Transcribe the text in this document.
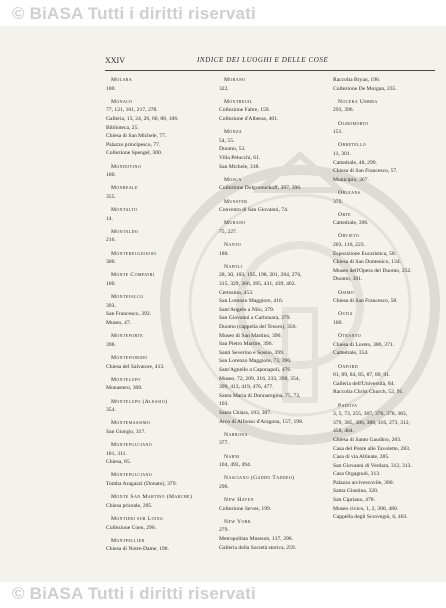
© BiASA Tutti i diritti riservati
XXIV	INDICE DEI LUOGHI E DELLE COSE
Molara
100.
Monaco
77, 121, 161, 217, 278.
Galleria, 13, 24, 26, 60, 88, 106.
Biblioteca, 25.
Chiesa di San Michele, 77.
Palazzo principesco, 77.
Collezione Spengel, 300.
Mondovino
100.
Monreale
355.
Montalto
14.
Montaldo
216.
Montebelgioioso
300.
Monte Compatri
100.
Montefalco
393.
San Francesco, 392.
Museo, 47.
Monteforte
398.
Montefiorido
Chiesa del Salvatore, 413.
Montelupo
Monastero, 300.
Montelupo (Alessio)
354.
Montemassimo
San Giorgio, 317.
Montepulciano
181, 311.
Chiesa, 85.
Montepulciano
Tomba Aragazzi (Donato), 379.
Monte San Martino (Marche)
Chiesa priorale, 295.
Montieri sur Loing
Collezione Coen, 296.
Montpellier
Chiesa di Notre-Dame, 198.
Morano
322.
Montreuil
Collezione Fabre, 159.
Collezione d'Alberas, 401.
Monza
54, 55.
Duomo, 53.
Villa Pelucchi, 61.
San Michele, 318.
Mosca
Collezione Dolgorouckoff, 397, 396.
Munster
Convento di San Giovanni, 74.
Murano
75, 227.
Nanto
180.
Napoli
28, 30, 103, 195, 198, 201, 204, 276,
315, 329, 366, 395, 431, 439, 462.
Certosino, 453.
San Lorenzo Maggiore, 416.
Sant'Angelo a Nilo, 379.
San Giovanni a Carbonara, 379.
Duomo (cappella del Tesoro), 356.
Museo di San Martino, 390.
San Pietro Martire, 396.
Santi Severino e Sossio, 399.
San Lorenzo Maggiore, 73, 390.
Sant'Agnello a Caponapoli, 476.
Museo, 72, 209, 216, 233, 390, 354,
399, 413, 419, 476, 477.
Santa Maria di Donnaregina, 75, 73,
103.
Santa Chiara, 103, 307.
Arco di Alfonso d'Aragona, 157, 198.
Narbona
377.
Narni
104, 493, 494.
Nasciano (Gaddo Taddeo)
296.
New Haven
Collezione Jarves, 199.
New York
279.
Metropolitan Museum, 137, 396.
Galleria della Società storica, 259.
Raccolta Bryan, 196.
Collezione De Morgan, 235.
Nocera Umbra
293, 396.
Olmomorto
151.
Orbetello
11, 301.
Cattedrale, 48, 299.
Chiesa di San Francesco, 57.
Municipio, 367.
Orleans
379.
Orte
Cattedrale, 396.
Orvieto
203, 116, 223.
Esposizione Eucaristica, 58.
Chiesa di San Domenico, 134.
Museo dell'Opera del Duomo, 252.
Duomo, 301.
Osimo
Chiesa di San Francesco, 58.
Ostia
100.
Otranto
Chiesa di Loreto, 386, 371.
Cattedrale, 354.
Oxford
81, 89, 84, 85, 87, 89, 91.
Galleria dell'Università, 84.
Raccolta Christ Church, 52, 91.
Padova
3, 5, 73, 255, 307, 376, 378, 383,
379, 385, 386, 388, 316, 273, 312,
458, 464.
Chiesa di Santo Gaudino, 283.
Casa del Ponte alle Tavolette, 283.
Casa di via Altinate, 285.
San Giovanni di Verdara, 312, 313.
Casa Orgagnoli, 313.
Palazzo arcivescovile, 300.
Santa Giustina, 320.
San Cipriano, 478.
Museo civico, 1, 2, 300, 480.
Cappella degli Scrovegni, 6, 463.
© BiASA Tutti i diritti riservati
